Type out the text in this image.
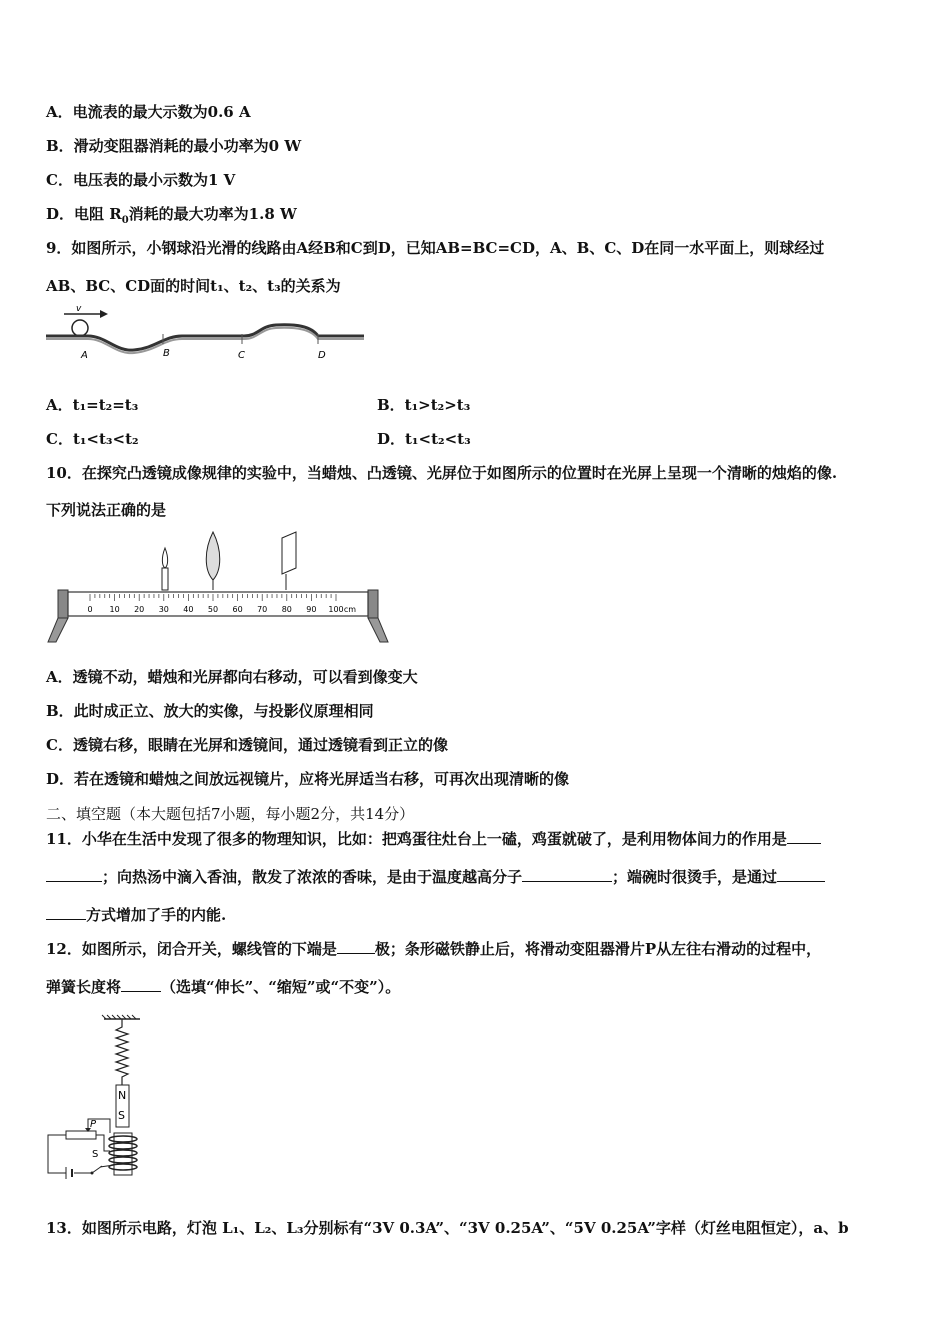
A．电流表的最大示数为0.6 A
B．滑动变阻器消耗的最小功率为0 W
C．电压表的最小示数为1 V
D．电阻 $R_0$消耗的最大功率为1.8 W
9．如图所示，小钢球沿光滑的线路由A经B和C到D，已知AB=BC=CD，A、B、C、D在同一水平面上，则球经过
AB、BC、CD面的时间t₁、t₂、t₃的关系为
v
A	B	C	D
A．t₁=t₂=t₃	B．t₁>t₂>t₃
C．t₁<t₃<t₂	D．t₁<t₂<t₃
10．在探究凸透镜成像规律的实验中，当蜡烛、凸透镜、光屏位于如图所示的位置时在光屏上呈现一个清晰的烛焰的像.
下列说法正确的是
0 10 20 30 40 50 60 70 80 90 100 cm
A．透镜不动，蜡烛和光屏都向右移动，可以看到像变大
B．此时成正立、放大的实像，与投影仪原理相同
C．透镜右移，眼睛在光屏和透镜间，通过透镜看到正立的像
D．若在透镜和蜡烛之间放远视镜片，应将光屏适当右移，可再次出现清晰的像
二、填空题（本大题包括7小题，每小题2分，共14分）
11．小华在生活中发现了很多的物理知识，比如：把鸡蛋往灶台上一磕，鸡蛋就破了，是利用物体间力的作用是
；向热汤中滴入香油，散发了浓浓的香味，是由于温度越高分子	；端碗时很烫手，是通过
方式增加了手的内能.
12．如图所示，闭合开关，螺线管的下端是	极；条形磁铁静止后，将滑动变阻器滑片P从左往右滑动的过程中，
弹簧长度将	（选填“伸长”、“缩短”或“不变”）。
N
S
P
S
13．如图所示电路，灯泡 L₁、L₂、L₃分别标有“3V 0.3A”、“3V 0.25A”、“5V 0.25A”字样（灯丝电阻恒定），a、b
